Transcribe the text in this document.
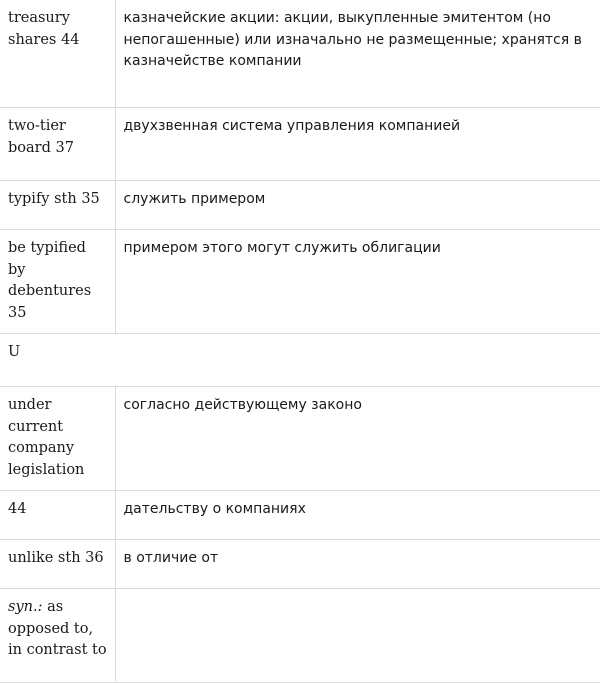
treasury shares 44	казначейские акции: акции, выкупленные эмитентом (но непогашенные) или изначально не размещенные; хранятся в казначействе компании
two-tier board 37	двухзвенная система управления компанией
typify sth 35	служить примером
be typified by debentures 35	примером этого могут служить облигации
U	
under current company legislation	согласно действующему законо
44	дательству о компаниях
unlike sth 36	в отличие от
syn.: as opposed to, in contrast to	
